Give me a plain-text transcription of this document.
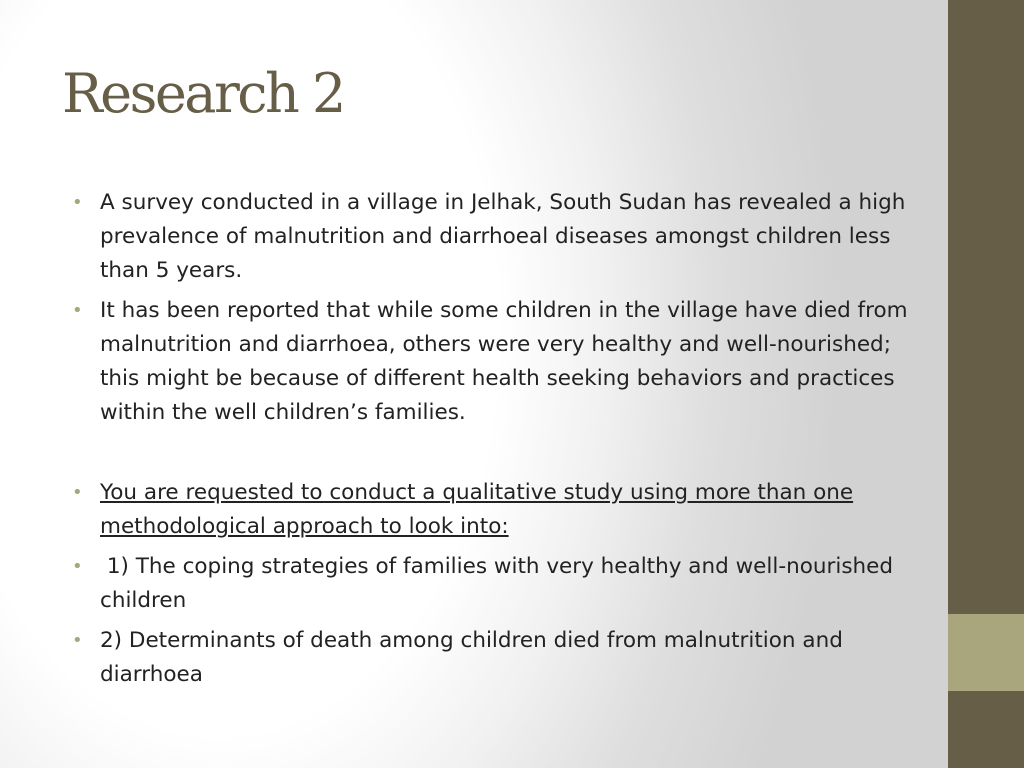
Research 2
• A survey conducted in a village in Jelhak, South Sudan has revealed a high prevalence of malnutrition and diarrhoeal diseases amongst children less than 5 years.
• It has been reported that while some children in the village have died from malnutrition and diarrhoea, others were very healthy and well-nourished; this might be because of different health seeking behaviors and practices within the well children’s families.
• You are requested to conduct a qualitative study using more than one methodological approach to look into:
• 1) The coping strategies of families with very healthy and well-nourished children
• 2) Determinants of death among children died from malnutrition and diarrhoea
